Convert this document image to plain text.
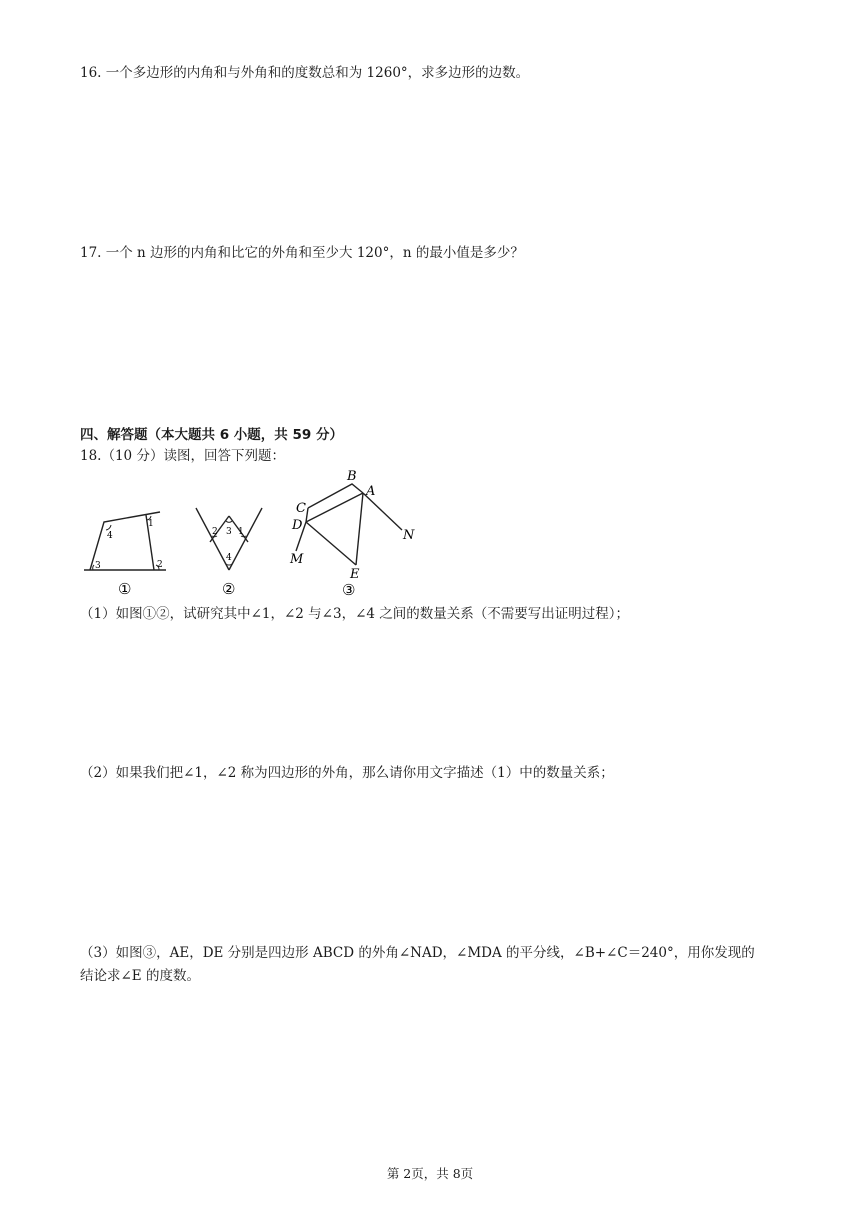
16. 一个多边形的内角和与外角和的度数总和为 1260°，求多边形的边数。
17. 一个 n 边形的内角和比它的外角和至少大 120°，n 的最小值是多少？
四、解答题（本大题共 6 小题，共 59 分）
18.（10 分）读图，回答下列题：
1
2
3
4
①
1
2 3
4
②
B
A
C
D
N
M
E
③
（1）如图①②，试研究其中∠1，∠2 与∠3，∠4 之间的数量关系（不需要写出证明过程）；
（2）如果我们把∠1，∠2 称为四边形的外角，那么请你用文字描述（1）中的数量关系；
（3）如图③，AE，DE 分别是四边形 ABCD 的外角∠NAD，∠MDA 的平分线，∠B+∠C＝240°，用你发现的
结论求∠E 的度数。
第 2页，共 8页
